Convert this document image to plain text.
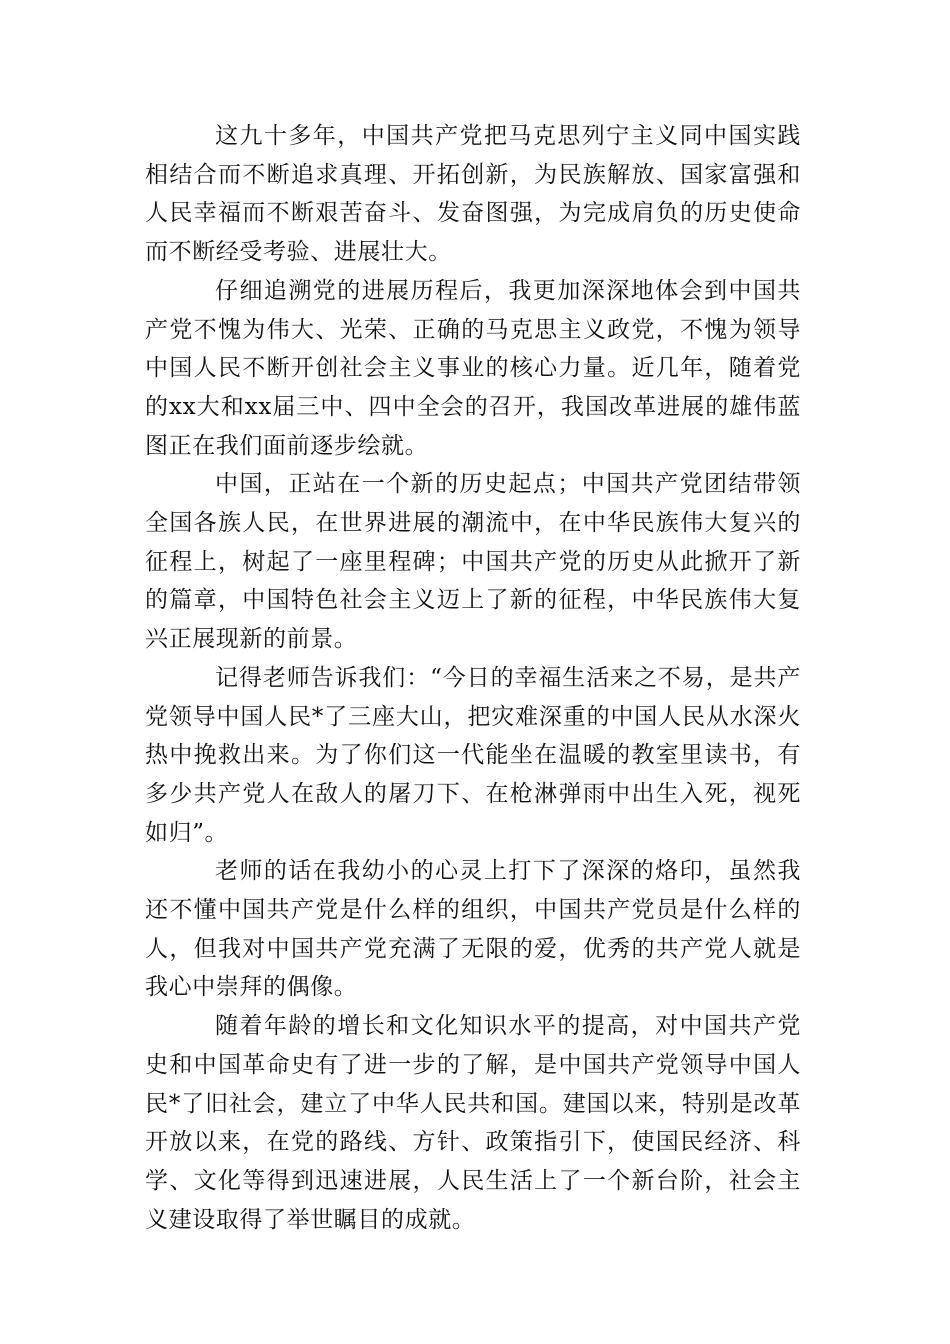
这九十多年，中国共产党把马克思列宁主义同中国实践相结合而不断追求真理、开拓创新，为民族解放、国家富强和人民幸福而不断艰苦奋斗、发奋图强，为完成肩负的历史使命而不断经受考验、进展壮大。

仔细追溯党的进展历程后，我更加深深地体会到中国共产党不愧为伟大、光荣、正确的马克思主义政党，不愧为领导中国人民不断开创社会主义事业的核心力量。近几年，随着党的xx大和xx届三中、四中全会的召开，我国改革进展的雄伟蓝图正在我们面前逐步绘就。

中国，正站在一个新的历史起点；中国共产党团结带领全国各族人民，在世界进展的潮流中，在中华民族伟大复兴的征程上，树起了一座里程碑；中国共产党的历史从此掀开了新的篇章，中国特色社会主义迈上了新的征程，中华民族伟大复兴正展现新的前景。

记得老师告诉我们：“今日的幸福生活来之不易，是共产党领导中国人民*了三座大山，把灾难深重的中国人民从水深火热中挽救出来。为了你们这一代能坐在温暖的教室里读书，有多少共产党人在敌人的屠刀下、在枪淋弹雨中出生入死，视死如归”。

老师的话在我幼小的心灵上打下了深深的烙印，虽然我还不懂中国共产党是什么样的组织，中国共产党员是什么样的人，但我对中国共产党充满了无限的爱，优秀的共产党人就是我心中崇拜的偶像。

随着年龄的增长和文化知识水平的提高，对中国共产党史和中国革命史有了进一步的了解，是中国共产党领导中国人民*了旧社会，建立了中华人民共和国。建国以来，特别是改革开放以来，在党的路线、方针、政策指引下，使国民经济、科学、文化等得到迅速进展，人民生活上了一个新台阶，社会主义建设取得了举世瞩目的成就。
